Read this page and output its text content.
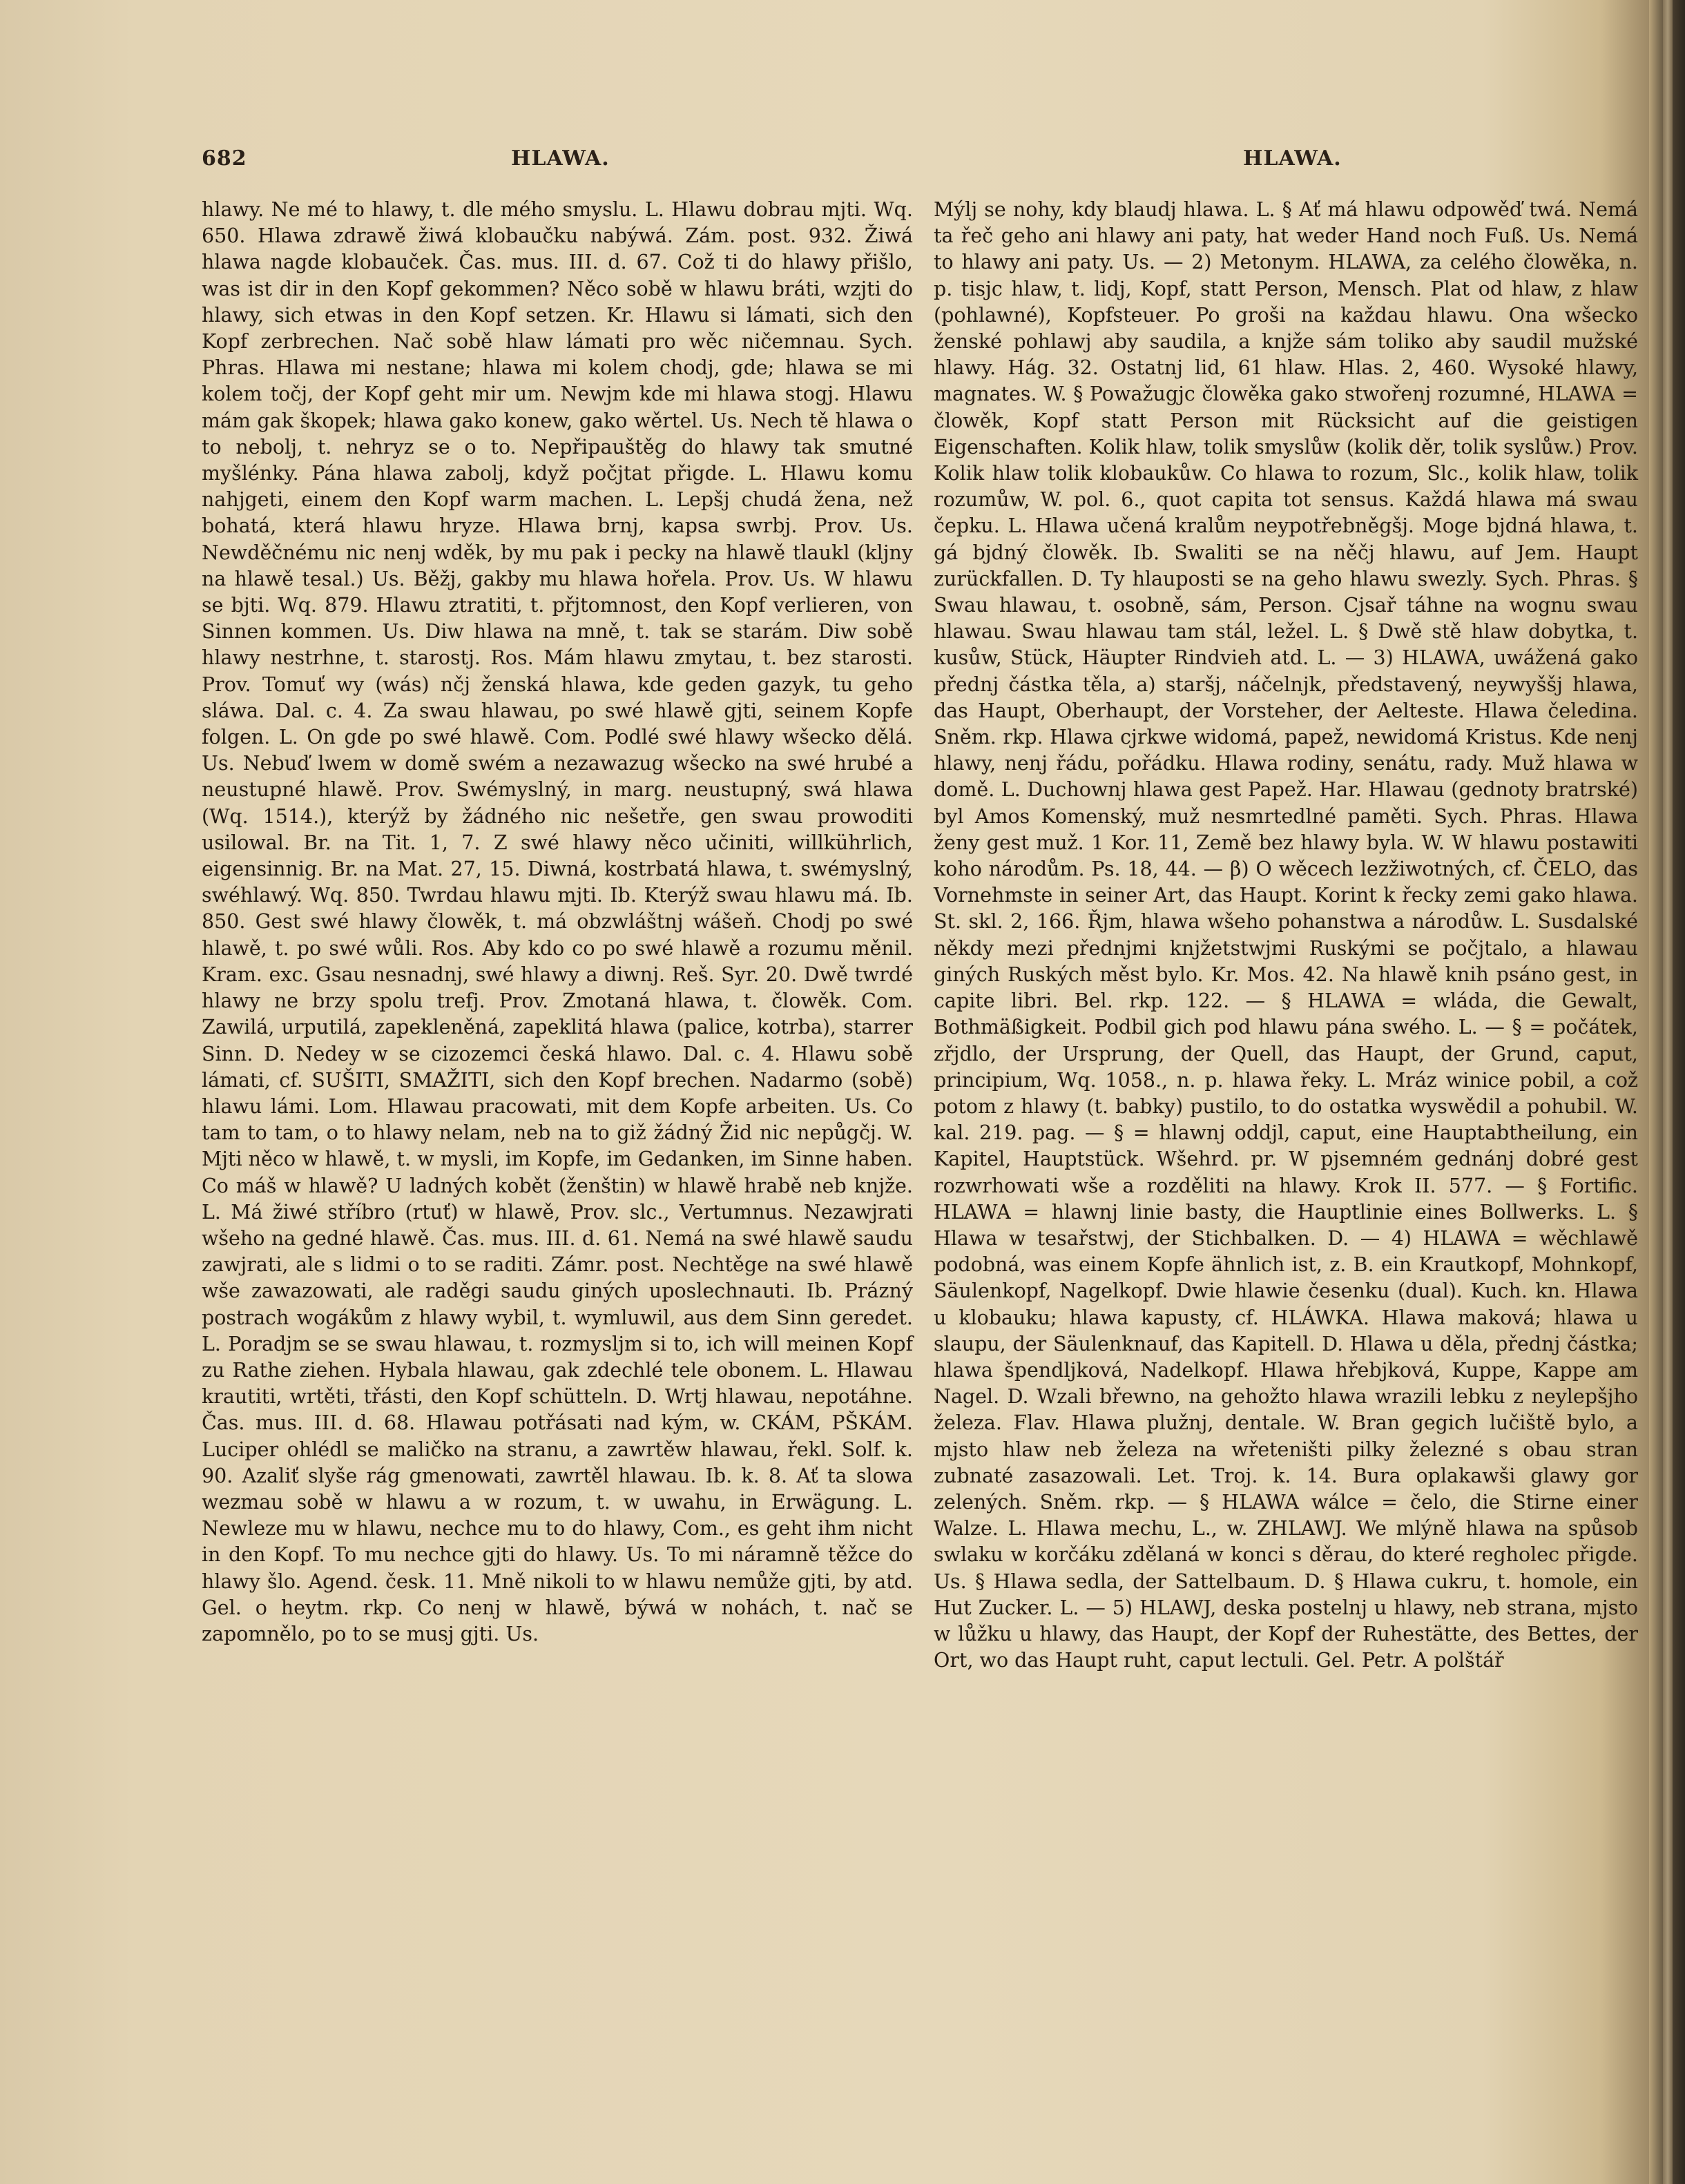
682	HLAWA.	HLAWA.

hlawy. Ne mé to hlawy, t. dle mého smyslu. L. Hlawu dobrau mjti. Wq. 650. Hlawa zdrawě žiwá klobaučku nabýwá. Zám. post. 932. Žiwá hlawa nagde klobauček. Čas. mus. III. d. 67. Což ti do hlawy přišlo, was ist dir in den Kopf gekommen? Něco sobě w hlawu bráti, wzjti do hlawy, sich etwas in den Kopf setzen. Kr. Hlawu si lámati, sich den Kopf zerbrechen. Nač sobě hlaw lámati pro wěc ničemnau. Sych. Phras. Hlawa mi nestane; hlawa mi kolem chodj, gde; hlawa se mi kolem točj, der Kopf geht mir um. Newjm kde mi hlawa stogj. Hlawu mám gak škopek; hlawa gako konew, gako wěrtel. Us. Nech tě hlawa o to nebolj, t. nehryz se o to. Nepřipauštěg do hlawy tak smutné myšlénky. Pána hlawa zabolj, když počjtat přigde. L. Hlawu komu nahjgeti, einem den Kopf warm machen. L. Lepšj chudá žena, než bohatá, která hlawu hryze. Hlawa brnj, kapsa swrbj. Prov. Us. Newděčnému nic nenj wděk, by mu pak i pecky na hlawě tlaukl (kljny na hlawě tesal.) Us. Běžj, gakby mu hlawa hořela. Prov. Us. W hlawu se bjti. Wq. 879. Hlawu ztratiti, t. přjtomnost, den Kopf verlieren, von Sinnen kommen. Us. Diw hlawa na mně, t. tak se starám. Diw sobě hlawy nestrhne, t. starostj. Ros. Mám hlawu zmytau, t. bez starosti. Prov. Tomuť wy (wás) nčj ženská hlawa, kde geden gazyk, tu geho sláwa. Dal. c. 4. Za swau hlawau, po swé hlawě gjti, seinem Kopfe folgen. L. On gde po swé hlawě. Com. Podlé swé hlawy wšecko dělá. Us. Nebuď lwem w domě swém a nezawazug wšecko na swé hrubé a neustupné hlawě. Prov. Swémyslný, in marg. neustupný, swá hlawa (Wq. 1514.), kterýž by žádného nic nešetře, gen swau prowoditi usilowal. Br. na Tit. 1, 7. Z swé hlawy něco učiniti, willkührlich, eigensinnig. Br. na Mat. 27, 15. Diwná, kostrbatá hlawa, t. swémyslný, swéhlawý. Wq. 850. Twrdau hlawu mjti. Ib. Kterýž swau hlawu má. Ib. 850. Gest swé hlawy člowěk, t. má obzwláštnj wášeň. Chodj po swé hlawě, t. po swé wůli. Ros. Aby kdo co po swé hlawě a rozumu měnil. Kram. exc. Gsau nesnadnj, swé hlawy a diwnj. Reš. Syr. 20. Dwě twrdé hlawy ne brzy spolu trefj. Prov. Zmotaná hlawa, t. člowěk. Com. Zawilá, urputilá, zapekleněná, zapeklitá hlawa (palice, kotrba), starrer Sinn. D. Nedey w se cizozemci česká hlawo. Dal. c. 4. Hlawu sobě lámati, cf. SUŠITI, SMAŽITI, sich den Kopf brechen. Nadarmo (sobě) hlawu lámi. Lom. Hlawau pracowati, mit dem Kopfe arbeiten. Us. Co tam to tam, o to hlawy nelam, neb na to giž žádný Žid nic nepůgčj. W. Mjti něco w hlawě, t. w mysli, im Kopfe, im Gedanken, im Sinne haben. Co máš w hlawě? U ladných kobět (ženštin) w hlawě hrabě neb knjže. L. Má žiwé stříbro (rtuť) w hlawě, Prov. slc., Vertumnus. Nezawjrati wšeho na gedné hlawě. Čas. mus. III. d. 61. Nemá na swé hlawě saudu zawjrati, ale s lidmi o to se raditi. Zámr. post. Nechtěge na swé hlawě wše zawazowati, ale raděgi saudu giných uposlechnauti. Ib. Prázný postrach wogákům z hlawy wybil, t. wymluwil, aus dem Sinn geredet. L. Poradjm se se swau hlawau, t. rozmysljm si to, ich will meinen Kopf zu Rathe ziehen. Hybala hlawau, gak zdechlé tele obonem. L. Hlawau krautiti, wrtěti, třásti, den Kopf schütteln. D. Wrtj hlawau, nepotáhne. Čas. mus. III. d. 68. Hlawau potřásati nad kým, w. CKÁM, PŠKÁM. Luciper ohlédl se maličko na stranu, a zawrtěw hlawau, řekl. Solf. k. 90. Azaliť slyše rág gmenowati, zawrtěl hlawau. Ib. k. 8. Ať ta slowa wezmau sobě w hlawu a w rozum, t. w uwahu, in Erwägung. L. Newleze mu w hlawu, nechce mu to do hlawy, Com., es geht ihm nicht in den Kopf. To mu nechce gjti do hlawy. Us. To mi náramně těžce do hlawy šlo. Agend. česk. 11. Mně nikoli to w hlawu nemůže gjti, by atd. Gel. o heytm. rkp. Co nenj w hlawě, býwá w nohách, t. nač se zapomnělo, po to se musj gjti. Us.

Mýlj se nohy, kdy blaudj hlawa. L. § Ať má hlawu odpowěď twá. Nemá ta řeč geho ani hlawy ani paty, hat weder Hand noch Fuß. Us. Nemá to hlawy ani paty. Us. — 2) Metonym. HLAWA, za celého člowěka, n. p. tisjc hlaw, t. lidj, Kopf, statt Person, Mensch. Plat od hlaw, z hlaw (pohlawné), Kopfsteuer. Po groši na každau hlawu. Ona wšecko ženské pohlawj aby saudila, a knjže sám toliko aby saudil mužské hlawy. Hág. 32. Ostatnj lid, 61 hlaw. Hlas. 2, 460. Wysoké hlawy, magnates. W. § Powažugjc člowěka gako stwořenj rozumné, HLAWA = člowěk, Kopf statt Person mit Rücksicht auf die geistigen Eigenschaften. Kolik hlaw, tolik smyslůw (kolik děr, tolik syslůw.) Prov. Kolik hlaw tolik klobaukůw. Co hlawa to rozum, Slc., kolik hlaw, tolik rozumůw, W. pol. 6., quot capita tot sensus. Každá hlawa má swau čepku. L. Hlawa učená kralům neypotřebněgšj. Moge bjdná hlawa, t. gá bjdný člowěk. Ib. Swaliti se na něčj hlawu, auf Jem. Haupt zurückfallen. D. Ty hlauposti se na geho hlawu swezly. Sych. Phras. § Swau hlawau, t. osobně, sám, Person. Cjsař táhne na wognu swau hlawau. Swau hlawau tam stál, ležel. L. § Dwě stě hlaw dobytka, t. kusůw, Stück, Häupter Rindvieh atd. L. — 3) HLAWA, uwážená gako přednj částka těla, a) staršj, náčelnjk, představený, neywyššj hlawa, das Haupt, Oberhaupt, der Vorsteher, der Aelteste. Hlawa čeledina. Sněm. rkp. Hlawa cjrkwe widomá, papež, newidomá Kristus. Kde nenj hlawy, nenj řádu, pořádku. Hlawa rodiny, senátu, rady. Muž hlawa w domě. L. Duchownj hlawa gest Papež. Har. Hlawau (gednoty bratrské) byl Amos Komenský, muž nesmrtedlné paměti. Sych. Phras. Hlawa ženy gest muž. 1 Kor. 11, Země bez hlawy byla. W. W hlawu postawiti koho národům. Ps. 18, 44. — β) O wěcech lezžiwotných, cf. ČELO, das Vornehmste in seiner Art, das Haupt. Korint k řecky zemi gako hlawa. St. skl. 2, 166. Řjm, hlawa wšeho pohanstwa a národůw. L. Susdalské někdy mezi přednjmi knjžetstwjmi Ruskými se počjtalo, a hlawau giných Ruských měst bylo. Kr. Mos. 42. Na hlawě knih psáno gest, in capite libri. Bel. rkp. 122. — § HLAWA = wláda, die Gewalt, Bothmäßigkeit. Podbil gich pod hlawu pána swého. L. — § = počátek, zřjdlo, der Ursprung, der Quell, das Haupt, der Grund, caput, principium, Wq. 1058., n. p. hlawa řeky. L. Mráz winice pobil, a což potom z hlawy (t. babky) pustilo, to do ostatka wyswědil a pohubil. W. kal. 219. pag. — § = hlawnj oddjl, caput, eine Hauptabtheilung, ein Kapitel, Hauptstück. Wšehrd. pr. W pjsemném gednánj dobré gest rozwrhowati wše a rozděliti na hlawy. Krok II. 577. — § Fortific. HLAWA = hlawnj linie basty, die Hauptlinie eines Bollwerks. L. § Hlawa w tesařstwj, der Stichbalken. D. — 4) HLAWA = wěchlawě podobná, was einem Kopfe ähnlich ist, z. B. ein Krautkopf, Mohnkopf, Säulenkopf, Nagelkopf. Dwie hlawie česenku (dual). Kuch. kn. Hlawa u klobauku; hlawa kapusty, cf. HLÁWKA. Hlawa maková; hlawa u slaupu, der Säulenknauf, das Kapitell. D. Hlawa u děla, přednj částka; hlawa špendljková, Nadelkopf. Hlawa hřebjková, Kuppe, Kappe am Nagel. D. Wzali břewno, na gehožto hlawa wrazili lebku z neylepšjho železa. Flav. Hlawa plužnj, dentale. W. Bran gegich lučiště bylo, a mjsto hlaw neb železa na wřeteništi pilky železné s obau stran zubnaté zasazowali. Let. Troj. k. 14. Bura oplakawši glawy gor zelených. Sněm. rkp. — § HLAWA wálce = čelo, die Stirne einer Walze. L. Hlawa mechu, L., w. ZHLAWJ. We mlýně hlawa na spůsob swlaku w korčáku zdělaná w konci s děrau, do které regholec přigde. Us. § Hlawa sedla, der Sattelbaum. D. § Hlawa cukru, t. homole, ein Hut Zucker. L. — 5) HLAWJ, deska postelnj u hlawy, neb strana, mjsto w lůžku u hlawy, das Haupt, der Kopf der Ruhestätte, des Bettes, der Ort, wo das Haupt ruht, caput lectuli. Gel. Petr. A polštář
